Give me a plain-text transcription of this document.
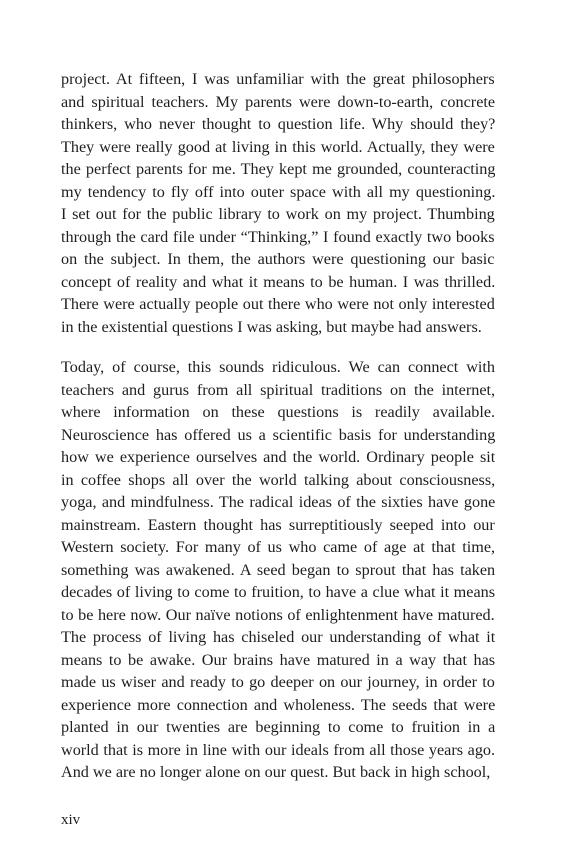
project. At fifteen, I was unfamiliar with the great philosophers
and spiritual teachers. My parents were down-to-earth, concrete
thinkers, who never thought to question life. Why should they?
They were really good at living in this world. Actually, they were
the perfect parents for me. They kept me grounded, counteracting
my tendency to fly off into outer space with all my questioning.
I set out for the public library to work on my project. Thumbing
through the card file under “Thinking,” I found exactly two books
on the subject. In them, the authors were questioning our basic
concept of reality and what it means to be human. I was thrilled.
There were actually people out there who were not only interested
in the existential questions I was asking, but maybe had answers.
Today, of course, this sounds ridiculous. We can connect with
teachers and gurus from all spiritual traditions on the internet,
where information on these questions is readily available.
Neuroscience has offered us a scientific basis for understanding
how we experience ourselves and the world. Ordinary people sit
in coffee shops all over the world talking about consciousness,
yoga, and mindfulness. The radical ideas of the sixties have gone
mainstream. Eastern thought has surreptitiously seeped into our
Western society. For many of us who came of age at that time,
something was awakened. A seed began to sprout that has taken
decades of living to come to fruition, to have a clue what it means
to be here now. Our naïve notions of enlightenment have matured.
The process of living has chiseled our understanding of what it
means to be awake. Our brains have matured in a way that has
made us wiser and ready to go deeper on our journey, in order to
experience more connection and wholeness. The seeds that were
planted in our twenties are beginning to come to fruition in a
world that is more in line with our ideals from all those years ago.
And we are no longer alone on our quest. But back in high school,
xiv
